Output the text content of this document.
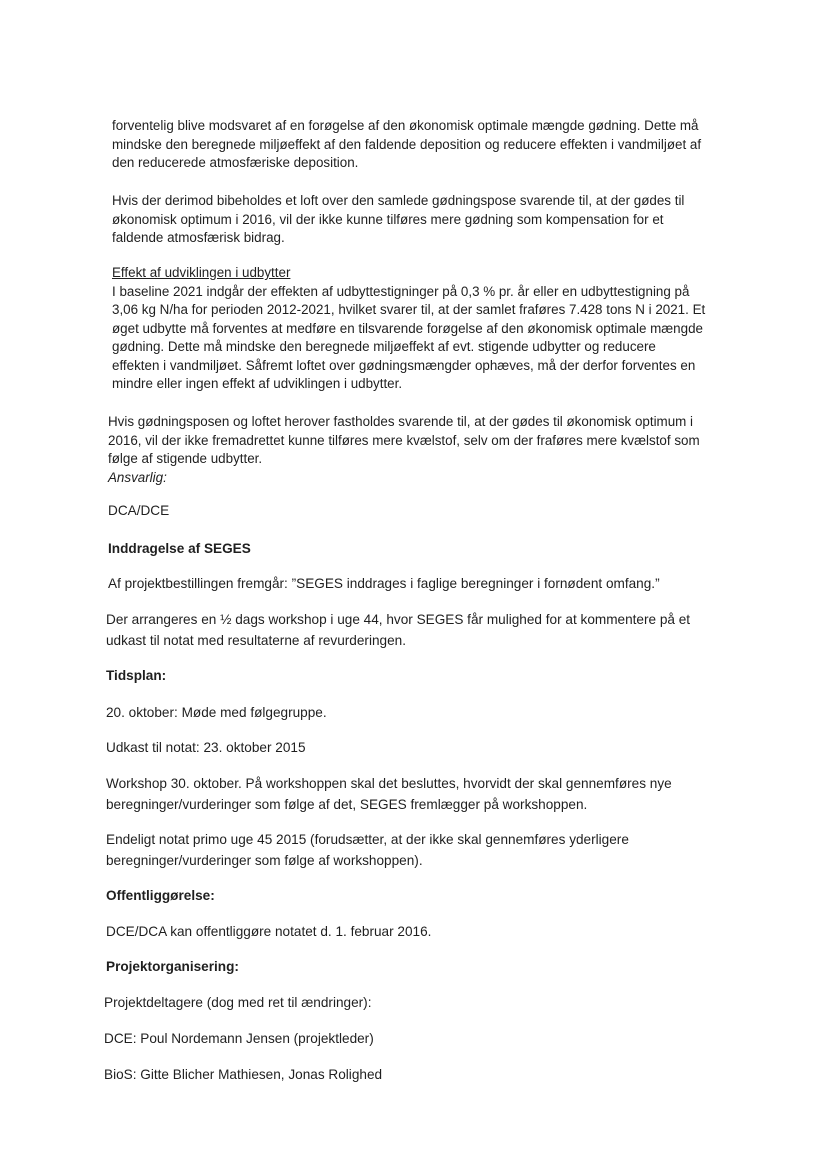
forventelig blive modsvaret af en forøgelse af den økonomisk optimale mængde gødning. Dette må
mindske den beregnede miljøeffekt af den faldende deposition og reducere effekten i vandmiljøet af
den reducerede atmosfæriske deposition.
Hvis der derimod bibeholdes et loft over den samlede gødningspose svarende til, at der gødes til
økonomisk optimum i 2016, vil der ikke kunne tilføres mere gødning som kompensation for et
faldende atmosfærisk bidrag.
Effekt af udviklingen i udbytter
I baseline 2021 indgår der effekten af udbyttestigninger på 0,3 % pr. år eller en udbyttestigning på
3,06 kg N/ha for perioden 2012-2021, hvilket svarer til, at der samlet fraføres 7.428 tons N i 2021. Et
øget udbytte må forventes at medføre en tilsvarende forøgelse af den økonomisk optimale mængde
gødning. Dette må mindske den beregnede miljøeffekt af evt. stigende udbytter og reducere
effekten i vandmiljøet. Såfremt loftet over gødningsmængder ophæves, må der derfor forventes en
mindre eller ingen effekt af udviklingen i udbytter.
Hvis gødningsposen og loftet herover fastholdes svarende til, at der gødes til økonomisk optimum i
2016, vil der ikke fremadrettet kunne tilføres mere kvælstof, selv om der fraføres mere kvælstof som
følge af stigende udbytter.
Ansvarlig:
DCA/DCE
Inddragelse af SEGES
Af projektbestillingen fremgår: ”SEGES inddrages i faglige beregninger i fornødent omfang.”
Der arrangeres en ½ dags workshop i uge 44, hvor SEGES får mulighed for at kommentere på et
udkast til notat med resultaterne af revurderingen.
Tidsplan:
20. oktober: Møde med følgegruppe.
Udkast til notat: 23. oktober 2015
Workshop 30. oktober. På workshoppen skal det besluttes, hvorvidt der skal gennemføres nye
beregninger/vurderinger som følge af det, SEGES fremlægger på workshoppen.
Endeligt notat primo uge 45 2015 (forudsætter, at der ikke skal gennemføres yderligere
beregninger/vurderinger som følge af workshoppen).
Offentliggørelse:
DCE/DCA kan offentliggøre notatet d. 1. februar 2016.
Projektorganisering:
Projektdeltagere (dog med ret til ændringer):
DCE: Poul Nordemann Jensen (projektleder)
BioS: Gitte Blicher Mathiesen, Jonas Rolighed
